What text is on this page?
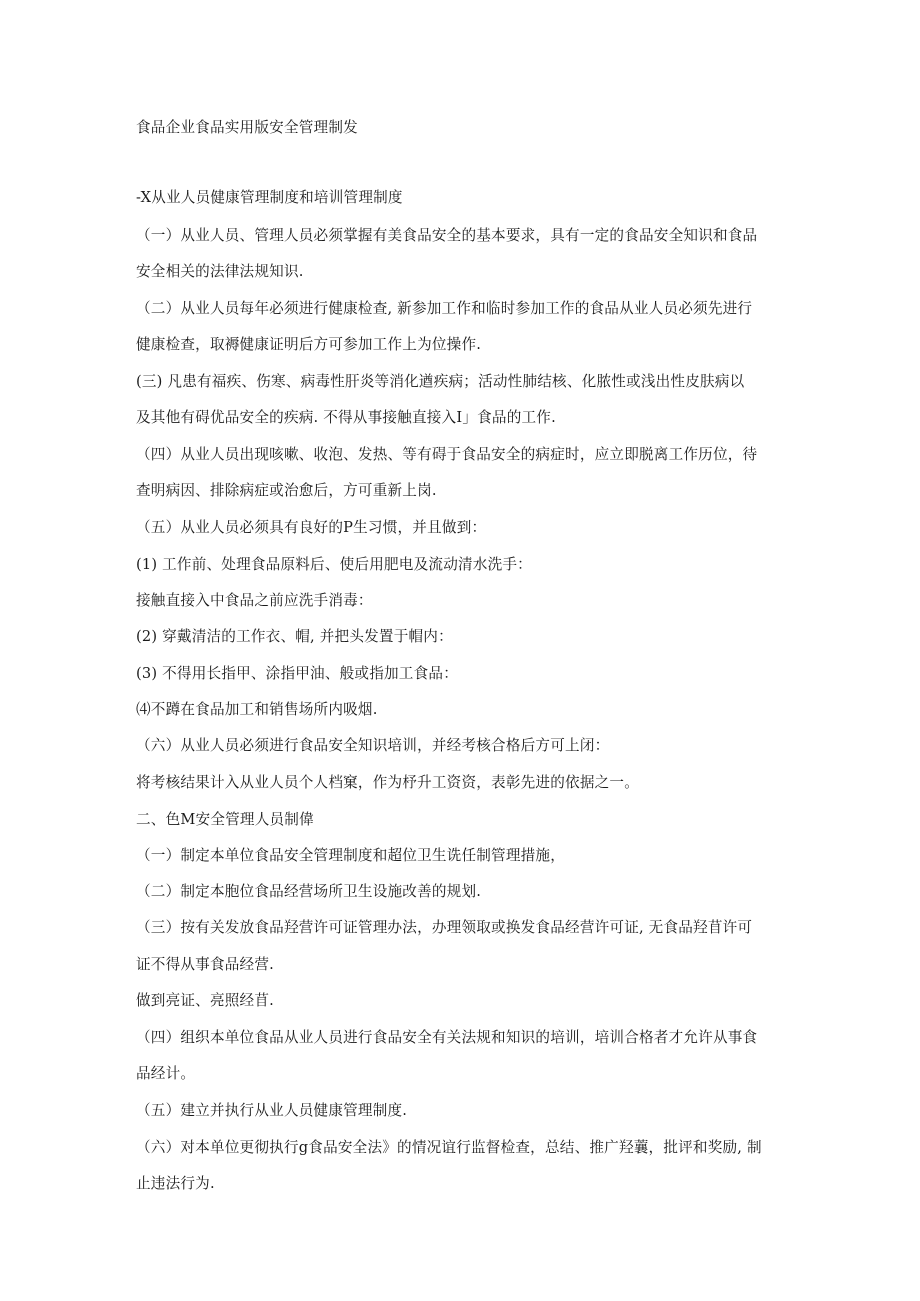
食品企业食品实用版安全管理制发
-X从业人员健康管理制度和培训管理制度
（一）从业人员、管理人员必须掌握有美食品安全的基本要求，具有一定的食品安全知识和食品
安全相关的法律法规知识.
（二）从业人员每年必须进行健康检查, 新参加工作和临时参加工作的食品从业人员必须先进行
健康检查，取褥健康证明后方可参加工作上为位操作.
(三) 凡患有福疾、伤寒、病毒性肝炎等消化遒疾病；活动性肺结核、化脓性或浅出性皮肤病以
及其他有碍优品安全的疾病. 不得从事接触直接入I」食品的工作.
（四）从业人员出现咳嗽、收泡、发热、等有碍于食品安全的病症时，应立即脱离工作历位，待
查明病因、排除病症或治愈后，方可重新上岗.
（五）从业人员必须具有良好的P生习惯，并且做到：
(1) 工作前、处理食品原料后、使后用肥电及流动清水洗手：
接触直接入中食品之前应洗手消毒：
(2) 穿戴清洁的工作衣、帽, 并把头发置于帽内：
(3) 不得用长指甲、涂指甲油、般或指加工食品：
⑷不蹲在食品加工和销售场所内吸烟.
（六）从业人员必须进行食品安全知识培训，并经考核合格后方可上闭：
将考核结果计入从业人员个人档窠，作为杼升工资资，表彰先进的依据之一。
二、色M安全管理人员制偉
（一）制定本单位食品安全管理制度和超位卫生诜任制管理措施，
（二）制定本胞位食品经营场所卫生设施改善的规划.
（三）按有关发放食品羟营许可证管理办法，办理领取或换发食品经营许可证, 无食品羟苜许可
证不得从事食品经营.
做到亮证、亮照经苜.
（四）组织本单位食品从业人员进行食品安全有关法规和知识的培训，培训合格者才允许从事食
品经计。
（五）建立并执行从业人员健康管理制度.
（六）对本单位更彻执行g食品安全法》的情况谊行监督检查，总结、推广羟蘘，批评和奖励, 制
止违法行为.
